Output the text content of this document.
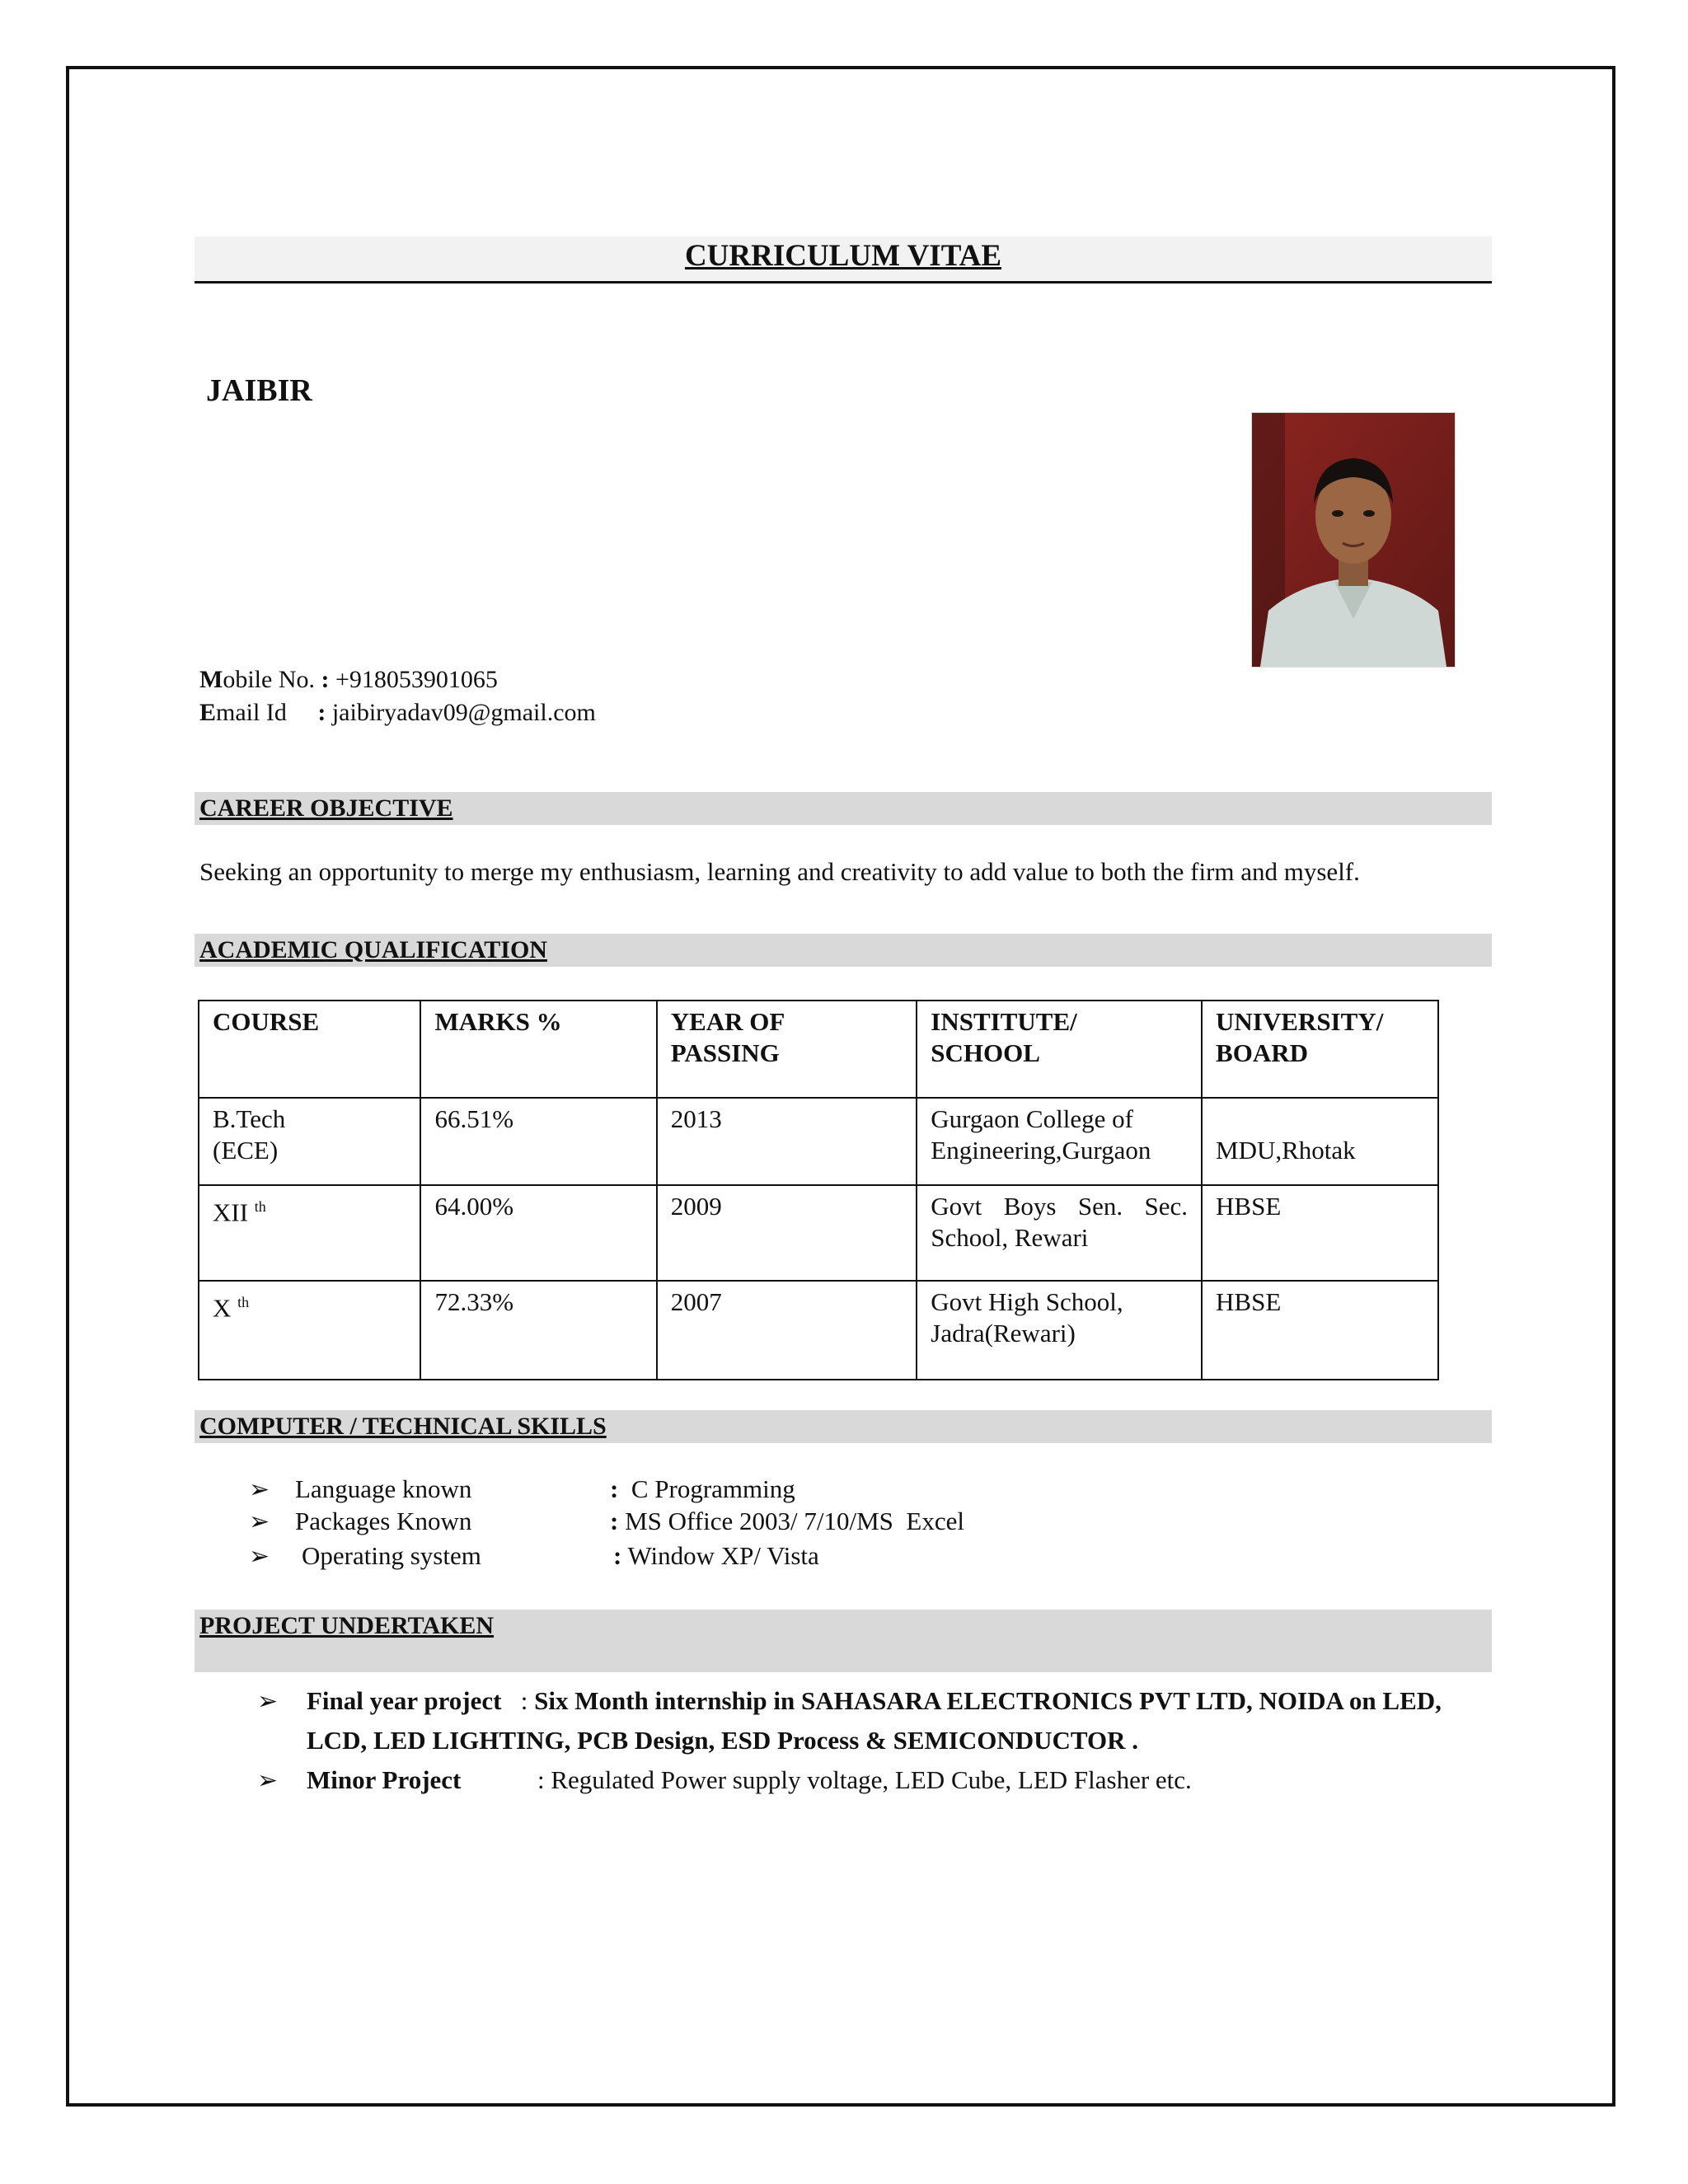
CURRICULUM VITAE
JAIBIR
Mobile No. : +918053901065
Email Id     : jaibiryadav09@gmail.com
CAREER OBJECTIVE
Seeking an opportunity to merge my enthusiasm, learning and creativity to add value to both the firm and myself.
ACADEMIC QUALIFICATION
COURSE	MARKS %	YEAR OF PASSING	INSTITUTE/ SCHOOL	UNIVERSITY/ BOARD

B.Tech (ECE)	66.51%	2013	Gurgaon College of Engineering,Gurgaon	MDU,Rhotak
XII $^{th}$	64.00%	2009	Govt Boys Sen. Sec. School, Rewari	HBSE
X $^{th}$	72.33%	2007	Govt High School, Jadra(Rewari)	HBSE
COMPUTER / TECHNICAL SKILLS
➢ Language known	: C Programming
➢ Packages Known	: MS Office 2003/ 7/10/MS  Excel
➢ Operating system	: Window XP/ Vista
PROJECT UNDERTAKEN
➢ Final year project : Six Month internship in SAHASARA ELECTRONICS PVT LTD, NOIDA on LED, LCD, LED LIGHTING, PCB Design, ESD Process & SEMICONDUCTOR .
➢ Minor Project	: Regulated Power supply voltage, LED Cube, LED Flasher etc.
